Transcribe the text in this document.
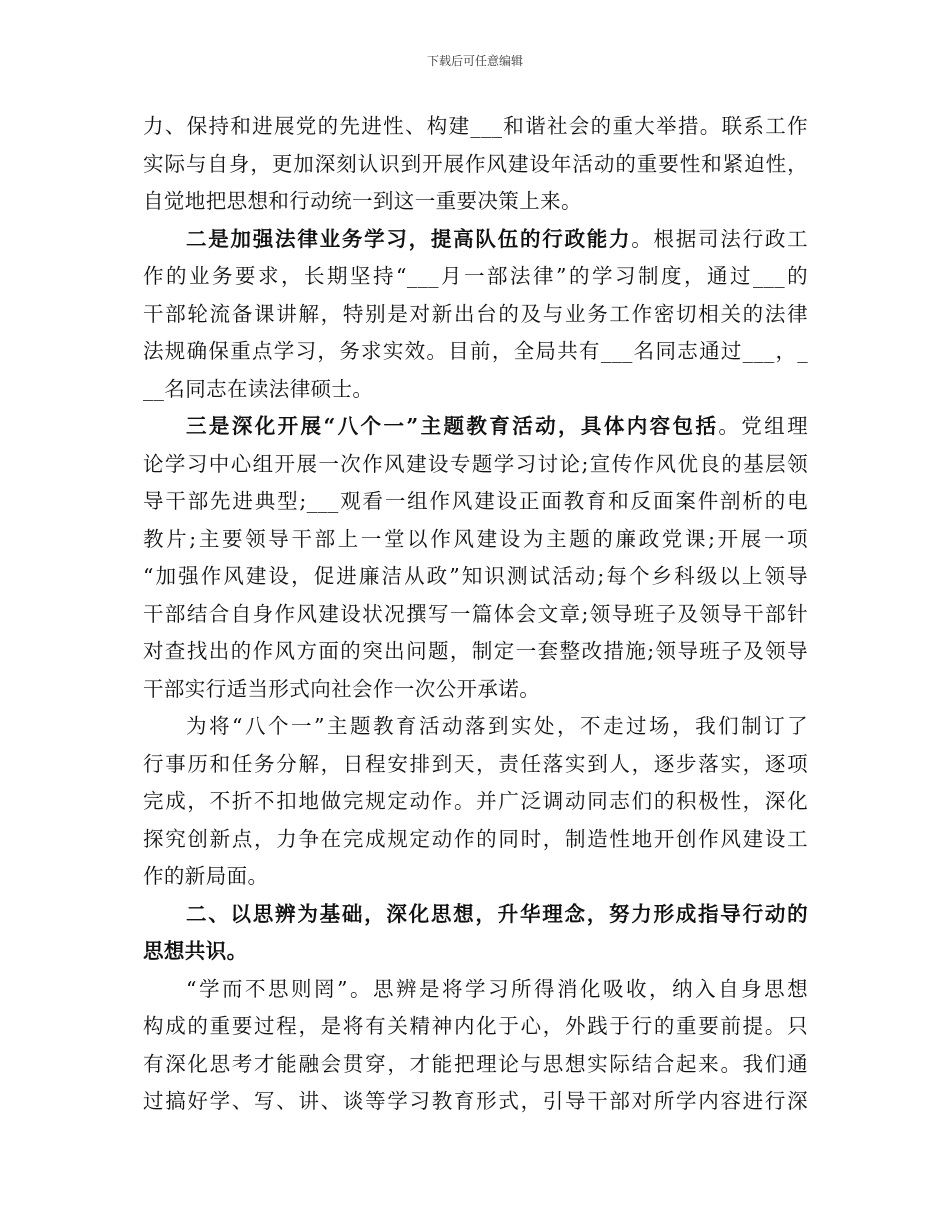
下载后可任意编辑
力、保持和进展党的先进性、构建___和谐社会的重大举措。联系工作
实际与自身，更加深刻认识到开展作风建设年活动的重要性和紧迫性，
自觉地把思想和行动统一到这一重要决策上来。
二是加强法律业务学习，提高队伍的行政能力。根据司法行政工
作的业务要求，长期坚持“___月一部法律”的学习制度，通过___的
干部轮流备课讲解，特别是对新出台的及与业务工作密切相关的法律
法规确保重点学习，务求实效。目前，全局共有___名同志通过___，_
__名同志在读法律硕士。
三是深化开展“八个一”主题教育活动，具体内容包括。党组理
论学习中心组开展一次作风建设专题学习讨论;宣传作风优良的基层领
导干部先进典型;___观看一组作风建设正面教育和反面案件剖析的电
教片;主要领导干部上一堂以作风建设为主题的廉政党课;开展一项
“加强作风建设，促进廉洁从政”知识测试活动;每个乡科级以上领导
干部结合自身作风建设状况撰写一篇体会文章;领导班子及领导干部针
对查找出的作风方面的突出问题，制定一套整改措施;领导班子及领导
干部实行适当形式向社会作一次公开承诺。
为将“八个一”主题教育活动落到实处，不走过场，我们制订了
行事历和任务分解，日程安排到天，责任落实到人，逐步落实，逐项
完成，不折不扣地做完规定动作。并广泛调动同志们的积极性，深化
探究创新点，力争在完成规定动作的同时，制造性地开创作风建设工
作的新局面。
二、以思辨为基础，深化思想，升华理念，努力形成指导行动的
思想共识。
“学而不思则罔”。思辨是将学习所得消化吸收，纳入自身思想
构成的重要过程，是将有关精神内化于心，外践于行的重要前提。只
有深化思考才能融会贯穿，才能把理论与思想实际结合起来。我们通
过搞好学、写、讲、谈等学习教育形式，引导干部对所学内容进行深
